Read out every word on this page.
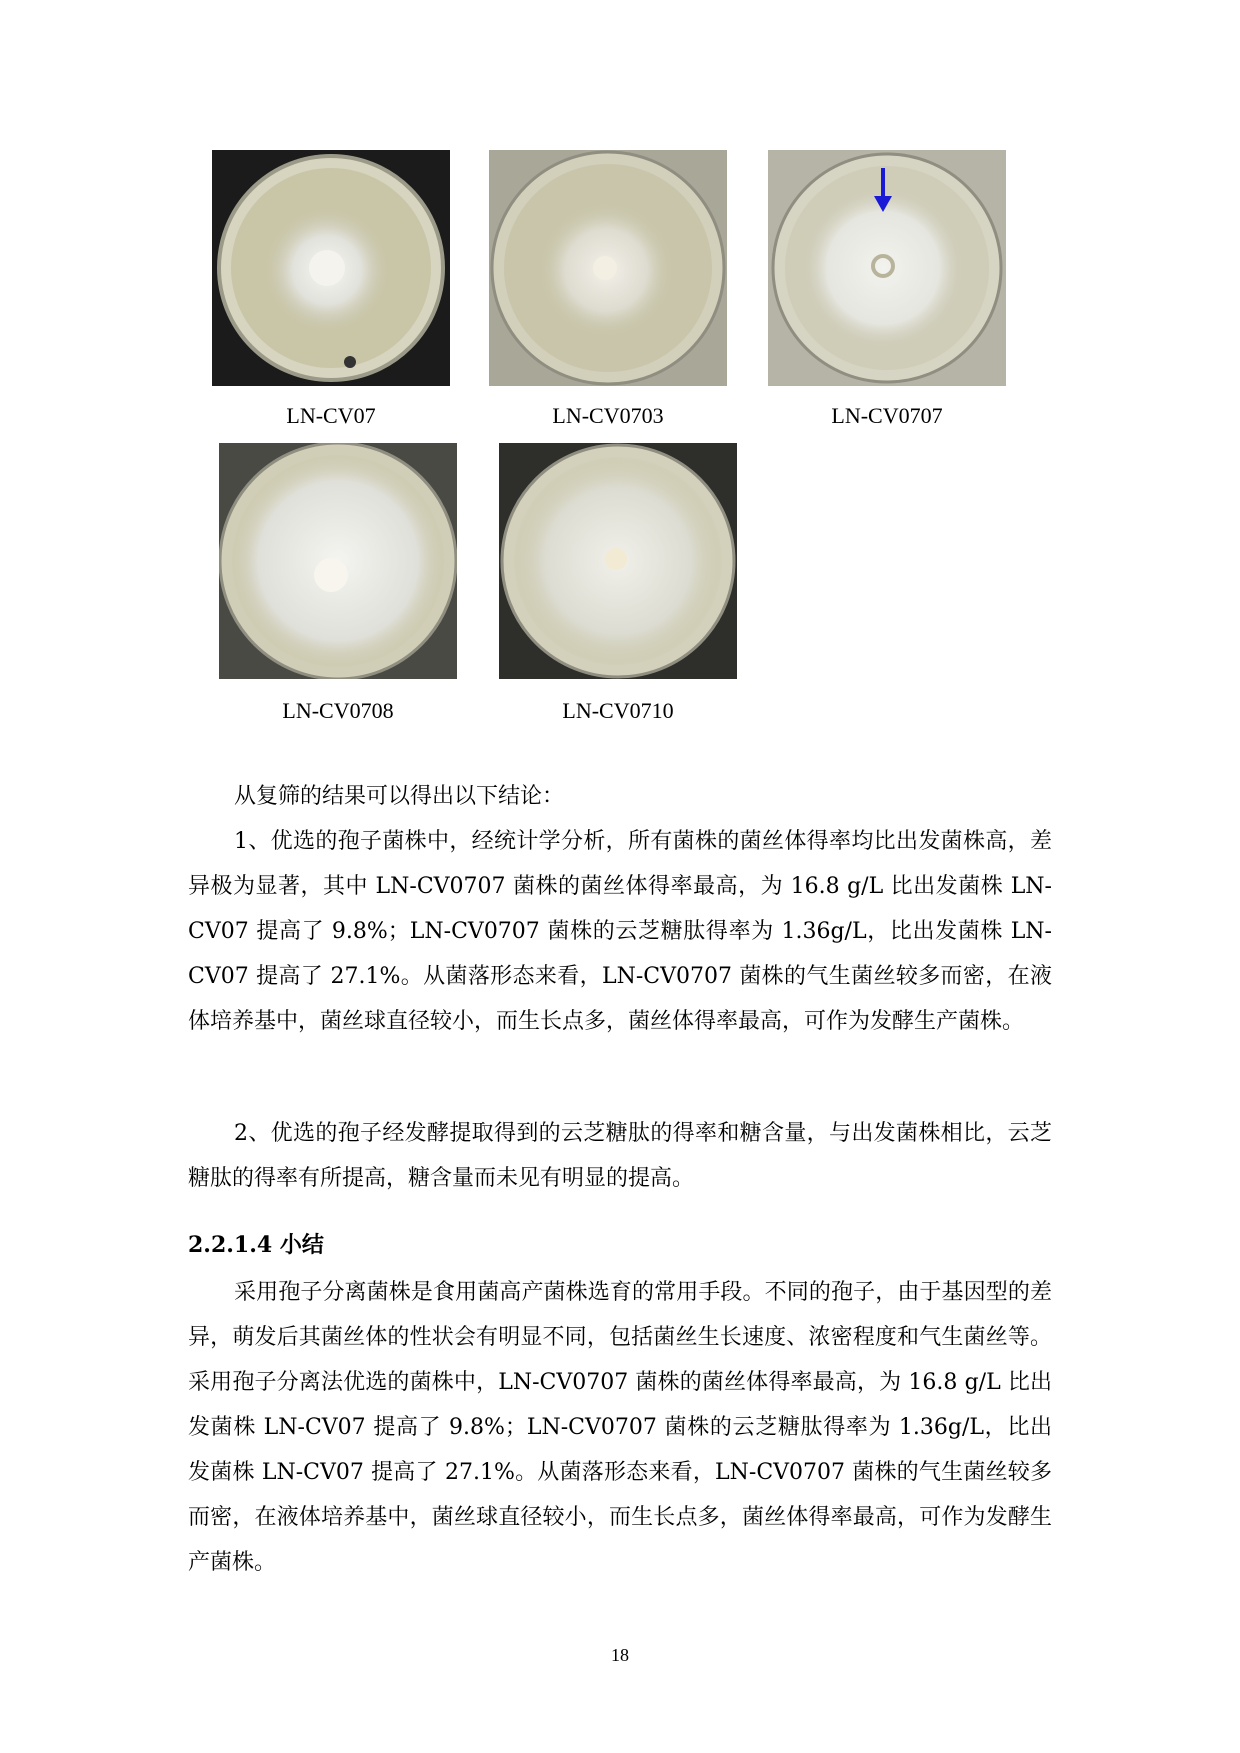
LN-CV07	LN-CV0703	LN-CV0707
LN-CV0708	LN-CV0710
从复筛的结果可以得出以下结论：
1、优选的孢子菌株中，经统计学分析，所有菌株的菌丝体得率均比出发菌株高，差异极为显著，其中 LN-CV0707 菌株的菌丝体得率最高，为 16.8 g/L 比出发菌株 LN-CV07 提高了 9.8%；LN-CV0707 菌株的云芝糖肽得率为 1.36g/L，比出发菌株 LN-CV07 提高了 27.1%。从菌落形态来看，LN-CV0707 菌株的气生菌丝较多而密，在液体培养基中，菌丝球直径较小，而生长点多，菌丝体得率最高，可作为发酵生产菌株。
2、优选的孢子经发酵提取得到的云芝糖肽的得率和糖含量，与出发菌株相比，云芝糖肽的得率有所提高，糖含量而未见有明显的提高。
2.2.1.4 小结
采用孢子分离菌株是食用菌高产菌株选育的常用手段。不同的孢子，由于基因型的差异，萌发后其菌丝体的性状会有明显不同，包括菌丝生长速度、浓密程度和气生菌丝等。采用孢子分离法优选的菌株中，LN-CV0707 菌株的菌丝体得率最高，为 16.8 g/L 比出发菌株 LN-CV07 提高了 9.8%；LN-CV0707 菌株的云芝糖肽得率为 1.36g/L，比出发菌株 LN-CV07 提高了 27.1%。从菌落形态来看，LN-CV0707 菌株的气生菌丝较多而密，在液体培养基中，菌丝球直径较小，而生长点多，菌丝体得率最高，可作为发酵生产菌株。
18
